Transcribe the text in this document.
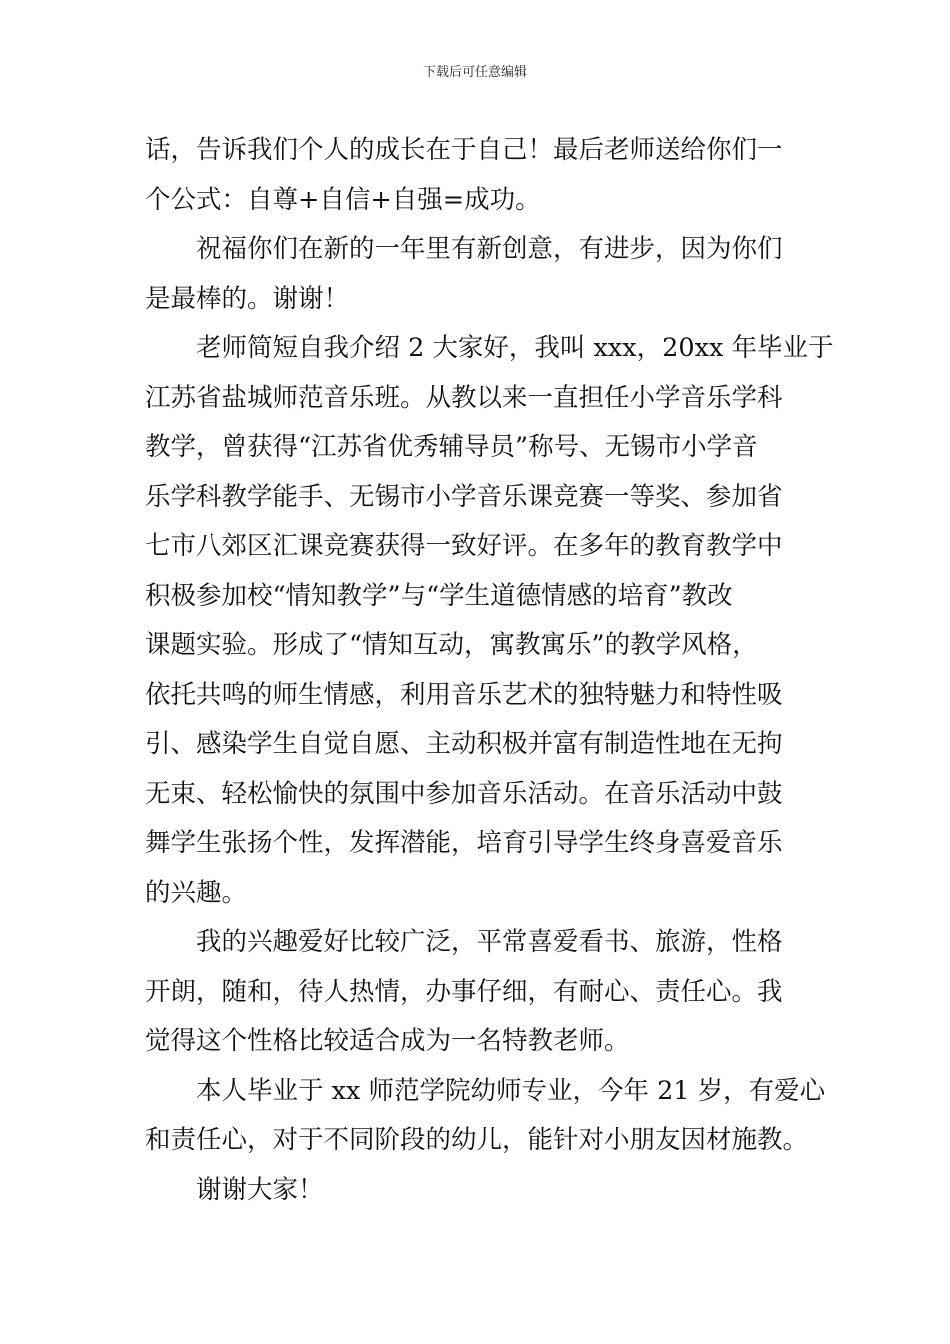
下载后可任意编辑
话，告诉我们个人的成长在于自己！最后老师送给你们一
个公式：自尊+自信+自强=成功。
祝福你们在新的一年里有新创意，有进步，因为你们
是最棒的。谢谢！
老师简短自我介绍 2 大家好，我叫 xxx，20xx 年毕业于
江苏省盐城师范音乐班。从教以来一直担任小学音乐学科
教学，曾获得“江苏省优秀辅导员”称号、无锡市小学音
乐学科教学能手、无锡市小学音乐课竞赛一等奖、参加省
七市八郊区汇课竞赛获得一致好评。在多年的教育教学中
积极参加校“情知教学”与“学生道德情感的培育”教改
课题实验。形成了“情知互动，寓教寓乐”的教学风格，
依托共鸣的师生情感，利用音乐艺术的独特魅力和特性吸
引、感染学生自觉自愿、主动积极并富有制造性地在无拘
无束、轻松愉快的氛围中参加音乐活动。在音乐活动中鼓
舞学生张扬个性，发挥潜能，培育引导学生终身喜爱音乐
的兴趣。
我的兴趣爱好比较广泛，平常喜爱看书、旅游，性格
开朗，随和，待人热情，办事仔细，有耐心、责任心。我
觉得这个性格比较适合成为一名特教老师。
本人毕业于 xx 师范学院幼师专业，今年 21 岁，有爱心
和责任心，对于不同阶段的幼儿，能针对小朋友因材施教。
谢谢大家！
